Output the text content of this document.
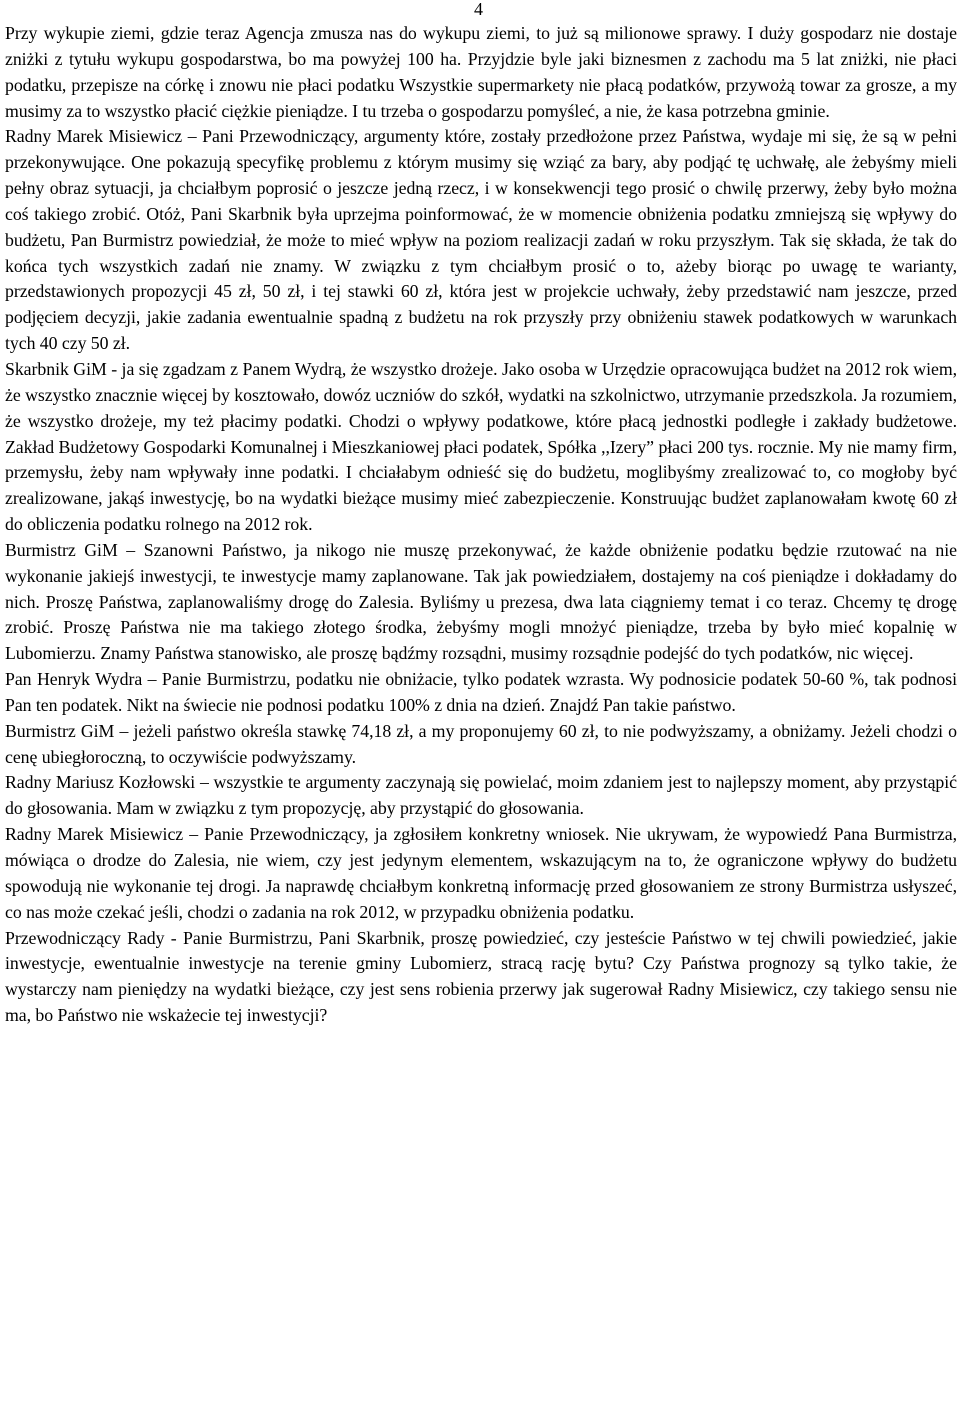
4

Przy wykupie ziemi, gdzie teraz Agencja zmusza nas do wykupu ziemi, to już są milionowe sprawy. I duży gospodarz nie dostaje zniżki z tytułu wykupu gospodarstwa, bo ma powyżej 100 ha. Przyjdzie byle jaki biznesmen z zachodu ma 5 lat zniżki, nie płaci podatku, przepisze na córkę i znowu nie płaci podatku Wszystkie supermarkety nie płacą podatków, przywożą towar za grosze, a my musimy za to wszystko płacić ciężkie pieniądze. I tu trzeba o gospodarzu pomyśleć, a nie, że kasa potrzebna gminie.

Radny Marek Misiewicz – Pani Przewodniczący, argumenty które, zostały przedłożone przez Państwa, wydaje mi się, że są w pełni przekonywujące. One pokazują specyfikę problemu z którym musimy się wziąć za bary, aby podjąć tę uchwałę, ale żebyśmy mieli pełny obraz sytuacji, ja chciałbym poprosić o jeszcze jedną rzecz, i w konsekwencji tego prosić o chwilę przerwy, żeby było można coś takiego zrobić. Otóż, Pani Skarbnik była uprzejma poinformować, że w momencie obniżenia podatku zmniejszą się wpływy do budżetu, Pan Burmistrz powiedział, że może to mieć wpływ na poziom realizacji zadań w roku przyszłym. Tak się składa, że tak do końca tych wszystkich zadań nie znamy. W związku z tym chciałbym prosić o to, ażeby biorąc po uwagę te warianty, przedstawionych propozycji 45 zł, 50 zł, i tej stawki 60 zł, która jest w projekcie uchwały, żeby przedstawić nam jeszcze, przed podjęciem decyzji, jakie zadania ewentualnie spadną z budżetu na rok przyszły przy obniżeniu stawek podatkowych w warunkach tych 40 czy 50 zł.

Skarbnik GiM - ja się zgadzam z Panem Wydrą, że wszystko drożeje. Jako osoba w Urzędzie opracowująca budżet na 2012 rok wiem, że wszystko znacznie więcej by kosztowało, dowóz uczniów do szkół, wydatki na szkolnictwo, utrzymanie przedszkola. Ja rozumiem, że wszystko drożeje, my też płacimy podatki. Chodzi o wpływy podatkowe, które płacą jednostki podległe i zakłady budżetowe. Zakład Budżetowy Gospodarki Komunalnej i Mieszkaniowej płaci podatek, Spółka ,,Izery” płaci 200 tys. rocznie. My nie mamy firm, przemysłu, żeby nam wpływały inne podatki. I chciałabym odnieść się do budżetu, moglibyśmy zrealizować to, co mogłoby być zrealizowane, jakąś inwestycję, bo na wydatki bieżące musimy mieć zabezpieczenie. Konstruując budżet zaplanowałam kwotę 60 zł do obliczenia podatku rolnego na 2012 rok.

Burmistrz GiM – Szanowni Państwo, ja nikogo nie muszę przekonywać, że każde obniżenie podatku będzie rzutować na nie wykonanie jakiejś inwestycji, te inwestycje mamy zaplanowane. Tak jak powiedziałem, dostajemy na coś pieniądze i dokładamy do nich. Proszę Państwa, zaplanowaliśmy drogę do Zalesia. Byliśmy u prezesa, dwa lata ciągniemy temat i co teraz. Chcemy tę drogę zrobić. Proszę Państwa nie ma takiego złotego środka, żebyśmy mogli mnożyć pieniądze, trzeba by było mieć kopalnię w Lubomierzu. Znamy Państwa stanowisko, ale proszę bądźmy rozsądni, musimy rozsądnie podejść do tych podatków, nic więcej.

Pan Henryk Wydra – Panie Burmistrzu, podatku nie obniżacie, tylko podatek wzrasta. Wy podnosicie podatek 50-60 %, tak podnosi Pan ten podatek. Nikt na świecie nie podnosi podatku 100% z dnia na dzień. Znajdź Pan takie państwo.

Burmistrz GiM – jeżeli państwo określa stawkę 74,18 zł, a my proponujemy 60 zł, to nie podwyższamy, a obniżamy. Jeżeli chodzi o cenę ubiegłoroczną, to oczywiście podwyższamy.

Radny Mariusz Kozłowski – wszystkie te argumenty zaczynają się powielać, moim zdaniem jest to najlepszy moment, aby przystąpić do głosowania. Mam w związku z tym propozycję, aby przystąpić do głosowania.

Radny Marek Misiewicz – Panie Przewodniczący, ja zgłosiłem konkretny wniosek. Nie ukrywam, że wypowiedź Pana Burmistrza, mówiąca o drodze do Zalesia, nie wiem, czy jest jedynym elementem, wskazującym na to, że ograniczone wpływy do budżetu spowodują nie wykonanie tej drogi. Ja naprawdę chciałbym konkretną informację przed głosowaniem ze strony Burmistrza usłyszeć, co nas może czekać jeśli, chodzi o zadania na rok 2012, w przypadku obniżenia podatku.

Przewodniczący Rady - Panie Burmistrzu, Pani Skarbnik, proszę powiedzieć, czy jesteście Państwo w tej chwili powiedzieć, jakie inwestycje, ewentualnie inwestycje na terenie gminy Lubomierz, stracą rację bytu? Czy Państwa prognozy są tylko takie, że wystarczy nam pieniędzy na wydatki bieżące, czy jest sens robienia przerwy jak sugerował Radny Misiewicz, czy takiego sensu nie ma, bo Państwo nie wskażecie tej inwestycji?
